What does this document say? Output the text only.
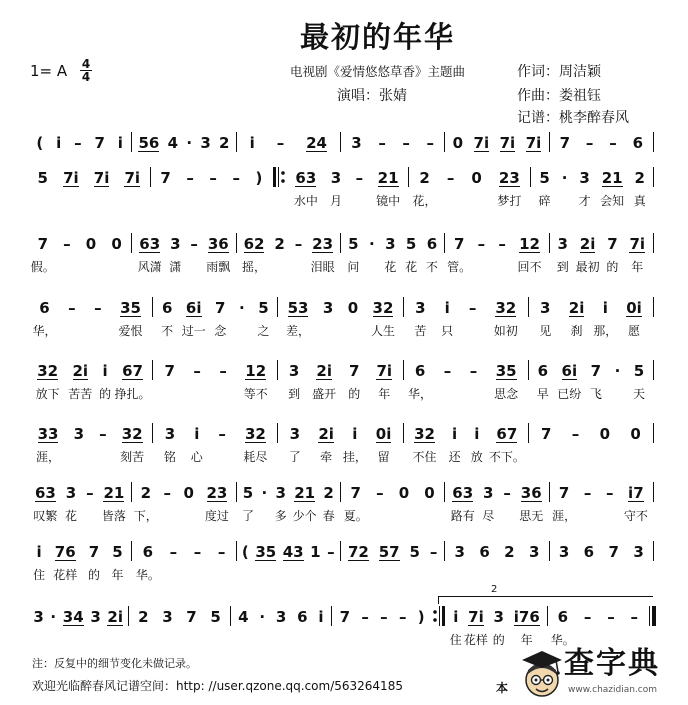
最初的年华
1= A 4
4	电视剧《爱情悠悠草香》主题曲	作词：周洁颖
演唱：张婧	作曲：娄祖钰
记谱：桃李醉春风
( i – 7 i 56 4 · 3 2 i – 24 3 – – – 0 7i 7i 7i 7 – – 6
5 7i 7i 7i 7 – – – ) 63
水中
3
月
– 21
镜中
2
花，
– 0 23
梦打
5
碎
· 3
才
21
会知
2
真
7
假。
– 0 0 63
风潇
3
潇
– 36
雨飘
62
摇，
2 – 23
泪眼
5
问
· 3
花
5
花
6
不
7
管。
– – 12
回不
3
到
2i
最初
7
的
7i
年
6
华，
– – 35
爱恨
6
不
6i
过一
7
念
· 5
之
53
差，
3 0 32
人生
3
苦
i
只
– 32
如初
3
见
2i
刹
i
那，
0i
愿
32
放下
2i
苦苦
i
的
67
挣扎。
7 – – 12
等不
3
到
2i
盛开
7
的
7i
年
6
华，
– – 35
思念
6
早
6i
已纷
7
飞
· 5
天
33
涯，
3 – 32
刻苦
3
铭
i
心
– 32
耗尽
3
了
2i
牵
i
挂，
0i
留
32
不住
i
还
i
放
67
不下。
7 – 0 0
63
叹繁
3
花
– 21
皆落
2
下，
– 0 23
度过
5
了
· 3
多
21
少个
2
春
7
夏。
– 0 0 63
路有
3
尽
– 36
思无
7
涯，
– – i7
守不
i
住
76
花样
7
的
5
年
6
华。
– – – ( 35 43 1 – 72 57 5 – 3 6 2 3 3 6 7 3
3 · 34 3 2i 2 3 7 5 4 · 3 6 i 7 – – – ) i
住
7i
花样
3
的
i76
年
6
华。
– – –
2
注：反复中的细节变化未做记录。
欢迎光临醉春风记谱空间：http: //user.qzone.qq.com/563264185	本
查字典
www.chazidian.com
